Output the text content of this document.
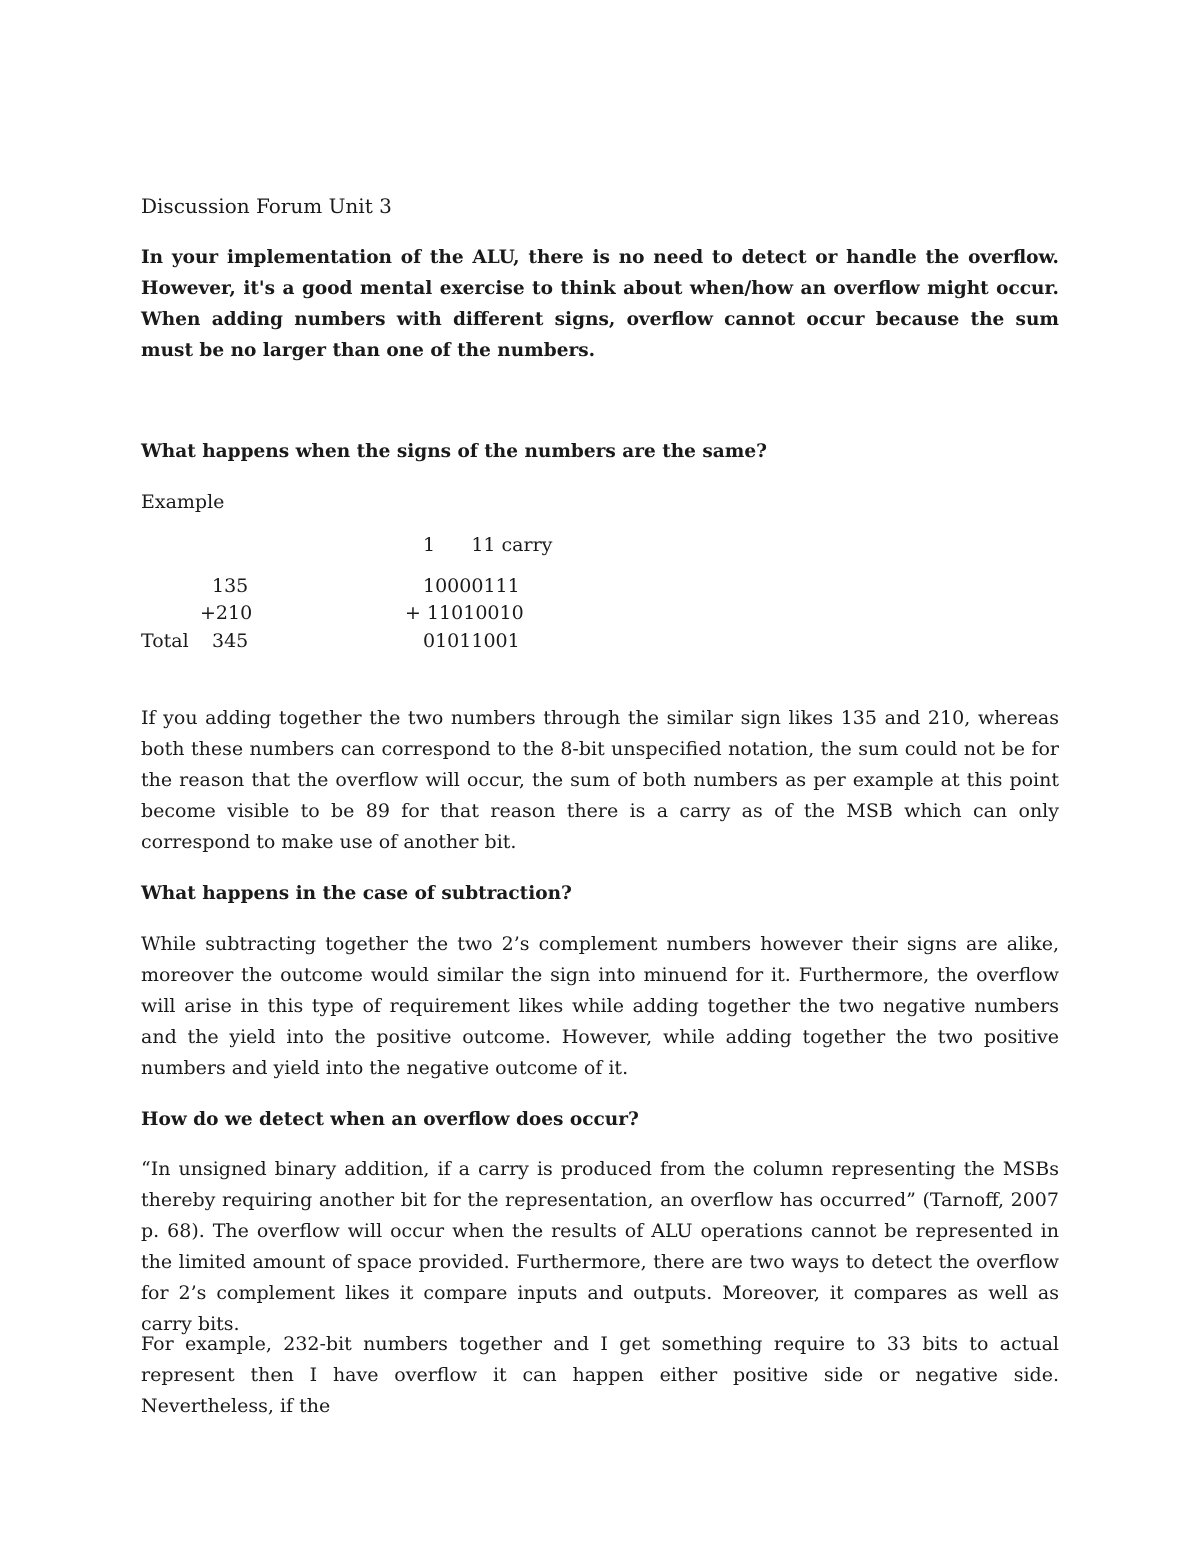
Discussion Forum Unit 3

In your implementation of the ALU, there is no need to detect or handle the overflow. However, it's a good mental exercise to think about when/how an overflow might occur. When adding numbers with different signs, overflow cannot occur because the sum must be no larger than one of the numbers.

What happens when the signs of the numbers are the same?

Example

1      11 carry

135

+210

Total 345

10000111

+ 11010010

01011001

If you adding together the two numbers through the similar sign likes 135 and 210, whereas both these numbers can correspond to the 8-bit unspecified notation, the sum could not be for the reason that the overflow will occur, the sum of both numbers as per example at this point become visible to be 89 for that reason there is a carry as of the MSB which can only correspond to make use of another bit.

What happens in the case of subtraction?

While subtracting together the two 2’s complement numbers however their signs are alike, moreover the outcome would similar the sign into minuend for it. Furthermore, the overflow will arise in this type of requirement likes while adding together the two negative numbers and the yield into the positive outcome. However, while adding together the two positive numbers and yield into the negative outcome of it.

How do we detect when an overflow does occur?

“In unsigned binary addition, if a carry is produced from the column representing the MSBs thereby requiring another bit for the representation, an overflow has occurred” (Tarnoff, 2007 p. 68). The overflow will occur when the results of ALU operations cannot be represented in the limited amount of space provided. Furthermore, there are two ways to detect the overflow for 2’s complement likes it compare inputs and outputs. Moreover, it compares as well as carry bits.

For example, 232-bit numbers together and I get something require to 33 bits to actual represent then I have overflow it can happen either positive side or negative side. Nevertheless, if the
